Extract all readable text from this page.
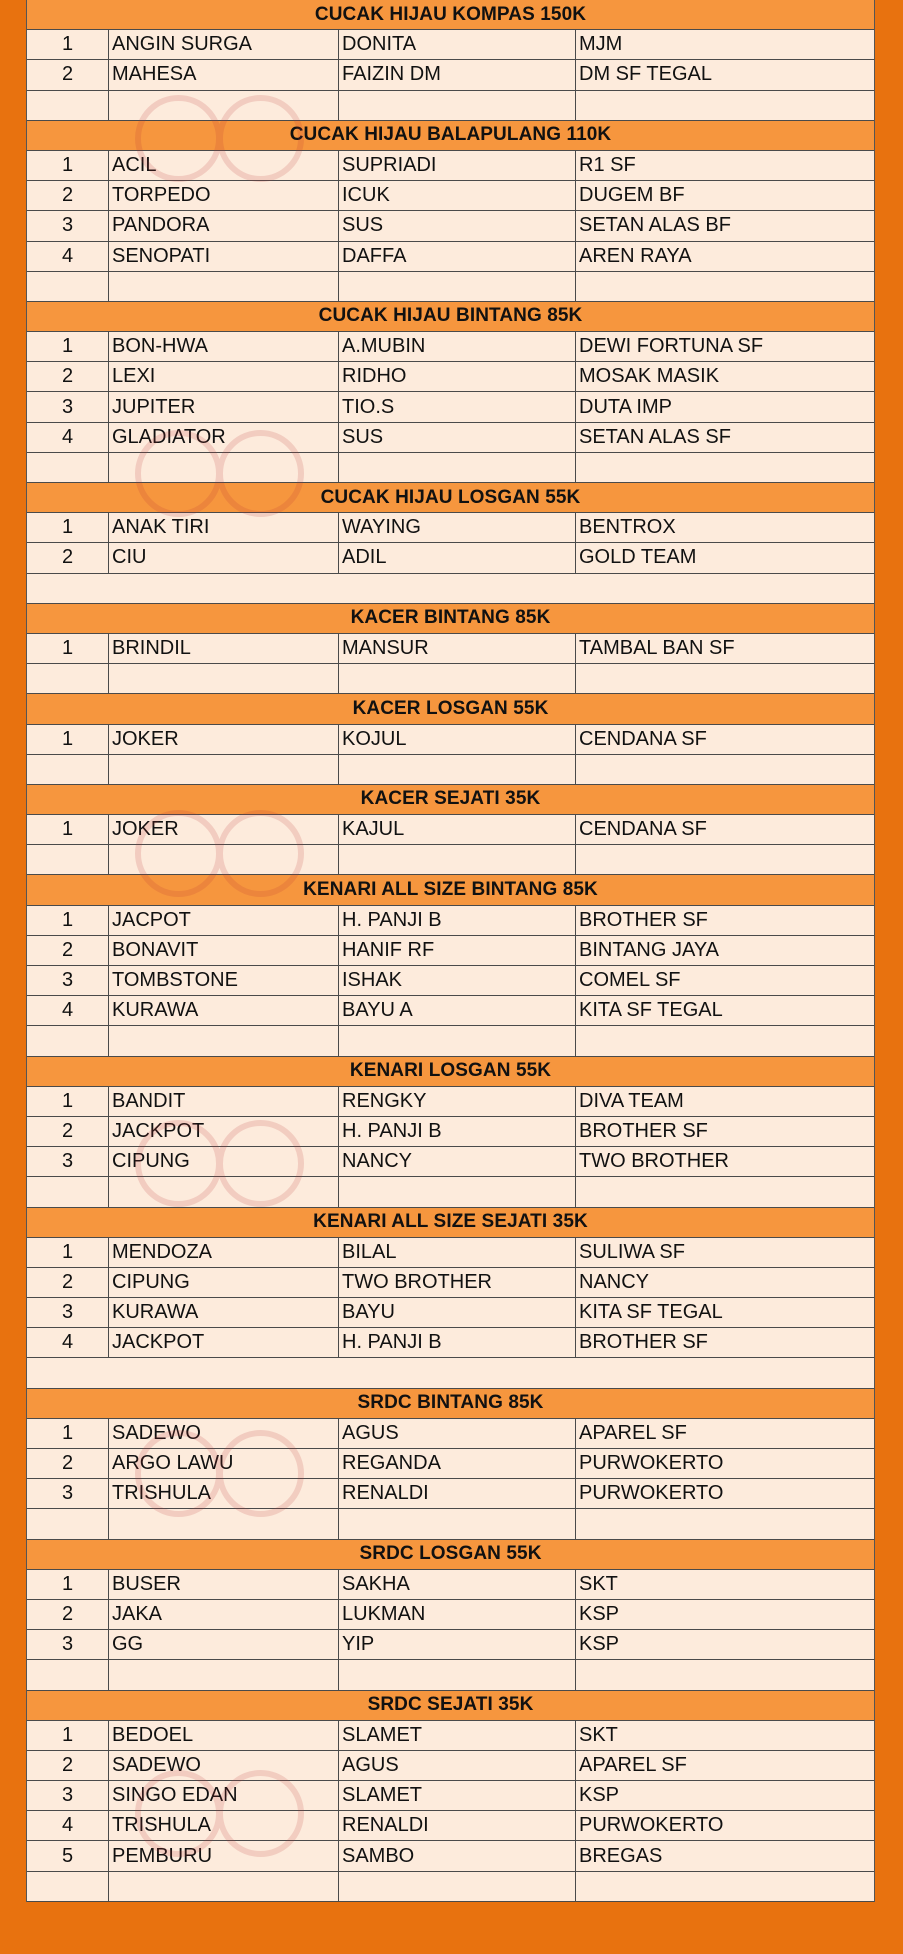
CUCAK HIJAU KOMPAS 150K
1	ANGIN SURGA	DONITA	MJM
2	MAHESA	FAIZIN DM	DM SF TEGAL
CUCAK HIJAU BALAPULANG 110K
1	ACIL	SUPRIADI	R1 SF
2	TORPEDO	ICUK	DUGEM BF
3	PANDORA	SUS	SETAN ALAS BF
4	SENOPATI	DAFFA	AREN RAYA
CUCAK HIJAU BINTANG 85K
1	BON-HWA	A.MUBIN	DEWI FORTUNA SF
2	LEXI	RIDHO	MOSAK MASIK
3	JUPITER	TIO.S	DUTA IMP
4	GLADIATOR	SUS	SETAN ALAS SF
CUCAK HIJAU LOSGAN 55K
1	ANAK TIRI	WAYING	BENTROX
2	CIU	ADIL	GOLD TEAM
KACER BINTANG 85K
1	BRINDIL	MANSUR	TAMBAL BAN SF
KACER LOSGAN 55K
1	JOKER	KOJUL	CENDANA SF
KACER SEJATI 35K
1	JOKER	KAJUL	CENDANA SF
KENARI ALL SIZE BINTANG 85K
1	JACPOT	H. PANJI B	BROTHER SF
2	BONAVIT	HANIF RF	BINTANG JAYA
3	TOMBSTONE	ISHAK	COMEL SF
4	KURAWA	BAYU A	KITA SF TEGAL
KENARI LOSGAN 55K
1	BANDIT	RENGKY	DIVA TEAM
2	JACKPOT	H. PANJI B	BROTHER SF
3	CIPUNG	NANCY	TWO BROTHER
KENARI ALL SIZE SEJATI 35K
1	MENDOZA	BILAL	SULIWA SF
2	CIPUNG	TWO BROTHER	NANCY
3	KURAWA	BAYU	KITA SF TEGAL
4	JACKPOT	H. PANJI B	BROTHER SF
SRDC BINTANG 85K
1	SADEWO	AGUS	APAREL SF
2	ARGO LAWU	REGANDA	PURWOKERTO
3	TRISHULA	RENALDI	PURWOKERTO
SRDC LOSGAN 55K
1	BUSER	SAKHA	SKT
2	JAKA	LUKMAN	KSP
3	GG	YIP	KSP
SRDC SEJATI 35K
1	BEDOEL	SLAMET	SKT
2	SADEWO	AGUS	APAREL SF
3	SINGO EDAN	SLAMET	KSP
4	TRISHULA	RENALDI	PURWOKERTO
5	PEMBURU	SAMBO	BREGAS
